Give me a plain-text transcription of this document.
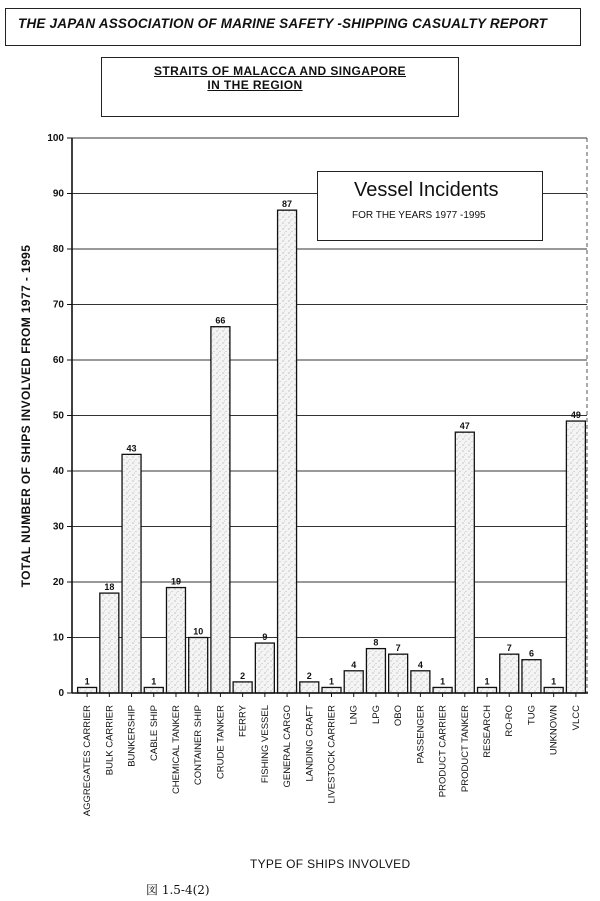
THE JAPAN ASSOCIATION OF MARINE SAFETY -SHIPPING CASUALTY REPORT
STRAITS OF MALACCA AND SINGAPORE
IN THE REGION
1
18
43
1
19
10
66
2
9
87
2
1
4
8
7
4
1
47
1
7
6
1
49
0
10
20
30
40
50
60
70
80
90
100
AGGREGATES CARRIER BULK CARRIER BUNKERSHIP CABLE SHIP CHEMICAL TANKER CONTAINER SHIP CRUDE TANKER FERRY FISHING VESSEL GENERAL CARGO LANDING CRAFT LIVESTOCK CARRIER LNG LPG OBO PASSENGER PRODUCT CARRIER PRODUCT TANKER RESEARCH RO-RO TUG UNKNOWN VLCC
Vessel Incidents
FOR THE YEARS 1977 -1995
TOTAL NUMBER OF SHIPS INVOLVED FROM 1977 - 1995
TYPE OF SHIPS INVOLVED
図 1.5-4(2)
